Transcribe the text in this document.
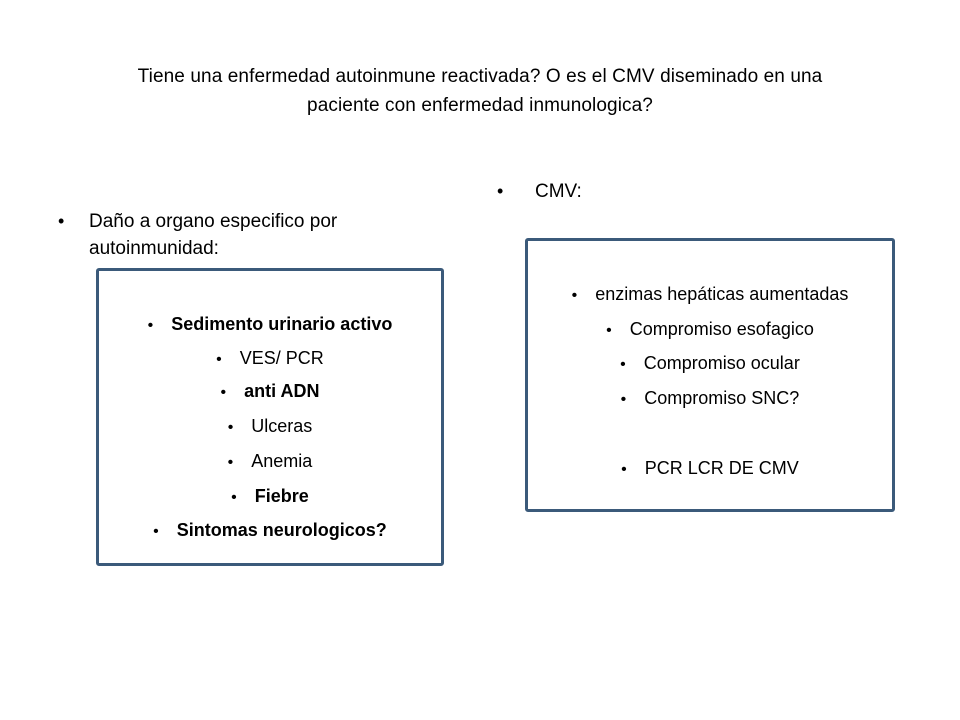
Tiene una enfermedad autoinmune reactivada? O es el CMV diseminado en una
paciente con enfermedad inmunologica?
• Daño a organo especifico por
autoinmunidad:
• CMV:
• Sedimento urinario activo
• VES/ PCR
• anti ADN
• Ulceras
• Anemia
• Fiebre
• Sintomas neurologicos?
• enzimas hepáticas aumentadas
• Compromiso esofagico
• Compromiso ocular
• Compromiso SNC?
• PCR LCR DE CMV
